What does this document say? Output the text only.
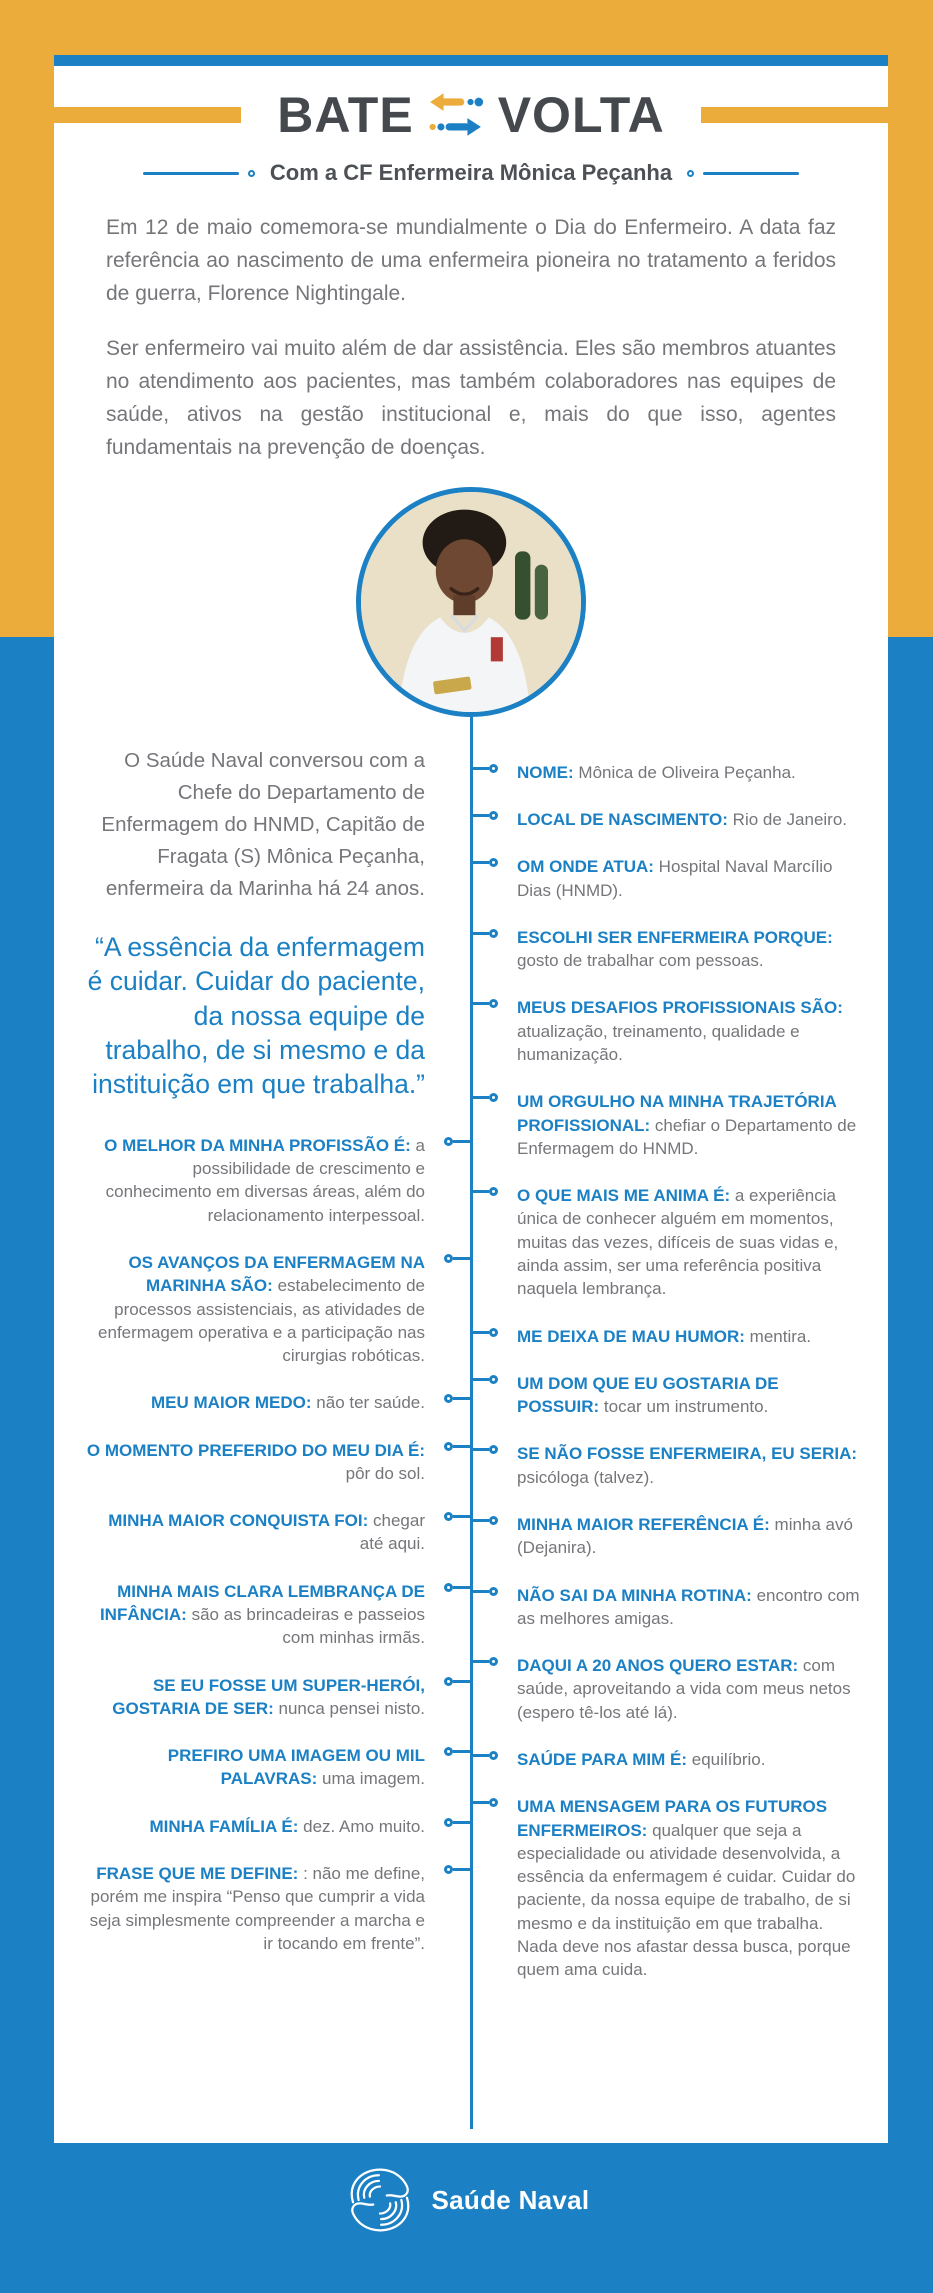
BATE VOLTA
Com a CF Enfermeira Mônica Peçanha

Em 12 de maio comemora-se mundialmente o Dia do Enfermeiro. A data faz referência ao nascimento de uma enfermeira pioneira no tratamento a feridos de guerra, Florence Nightingale.

Ser enfermeiro vai muito além de dar assistência. Eles são membros atuantes no atendimento aos pacientes, mas também colaboradores nas equipes de saúde, ativos na gestão institucional e, mais do que isso, agentes fundamentais na prevenção de doenças.

O Saúde Naval conversou com a Chefe do Departamento de Enfermagem do HNMD, Capitão de Fragata (S) Mônica Peçanha, enfermeira da Marinha há 24 anos.

“A essência da enfermagem é cuidar. Cuidar do paciente, da nossa equipe de trabalho, de si mesmo e da instituição em que trabalha.”

O MELHOR DA MINHA PROFISSÃO É: a possibilidade de crescimento e conhecimento em diversas áreas, além do relacionamento interpessoal.

OS AVANÇOS DA ENFERMAGEM NA MARINHA SÃO: estabelecimento de processos assistenciais, as atividades de enfermagem operativa e a participação nas cirurgias robóticas.

MEU MAIOR MEDO: não ter saúde.

O MOMENTO PREFERIDO DO MEU DIA É: pôr do sol.

MINHA MAIOR CONQUISTA FOI: chegar até aqui.

MINHA MAIS CLARA LEMBRANÇA DE INFÂNCIA: são as brincadeiras e passeios com minhas irmãs.

SE EU FOSSE UM SUPER-HERÓI, GOSTARIA DE SER: nunca pensei nisto.

PREFIRO UMA IMAGEM OU MIL PALAVRAS: uma imagem.

MINHA FAMÍLIA É: dez. Amo muito.

FRASE QUE ME DEFINE: : não me define, porém me inspira “Penso que cumprir a vida seja simplesmente compreender a marcha e ir tocando em frente”.

NOME: Mônica de Oliveira Peçanha.

LOCAL DE NASCIMENTO: Rio de Janeiro.

OM ONDE ATUA: Hospital Naval Marcílio Dias (HNMD).

ESCOLHI SER ENFERMEIRA PORQUE: gosto de trabalhar com pessoas.

MEUS DESAFIOS PROFISSIONAIS SÃO: atualização, treinamento, qualidade e humanização.

UM ORGULHO NA MINHA TRAJETÓRIA PROFISSIONAL: chefiar o Departamento de Enfermagem do HNMD.

O QUE MAIS ME ANIMA É: a experiência única de conhecer alguém em momentos, muitas das vezes, difíceis de suas vidas e, ainda assim, ser uma referência positiva naquela lembrança.

ME DEIXA DE MAU HUMOR: mentira.

UM DOM QUE EU GOSTARIA DE POSSUIR: tocar um instrumento.

SE NÃO FOSSE ENFERMEIRA, EU SERIA: psicóloga (talvez).

MINHA MAIOR REFERÊNCIA É: minha avó (Dejanira).

NÃO SAI DA MINHA ROTINA: encontro com as melhores amigas.

DAQUI A 20 ANOS QUERO ESTAR: com saúde, aproveitando a vida com meus netos (espero tê-los até lá).

SAÚDE PARA MIM É: equilíbrio.

UMA MENSAGEM PARA OS FUTUROS ENFERMEIROS: qualquer que seja a especialidade ou atividade desenvolvida, a essência da enfermagem é cuidar. Cuidar do paciente, da nossa equipe de trabalho, de si mesmo e da instituição em que trabalha. Nada deve nos afastar dessa busca, porque quem ama cuida.

Saúde Naval
